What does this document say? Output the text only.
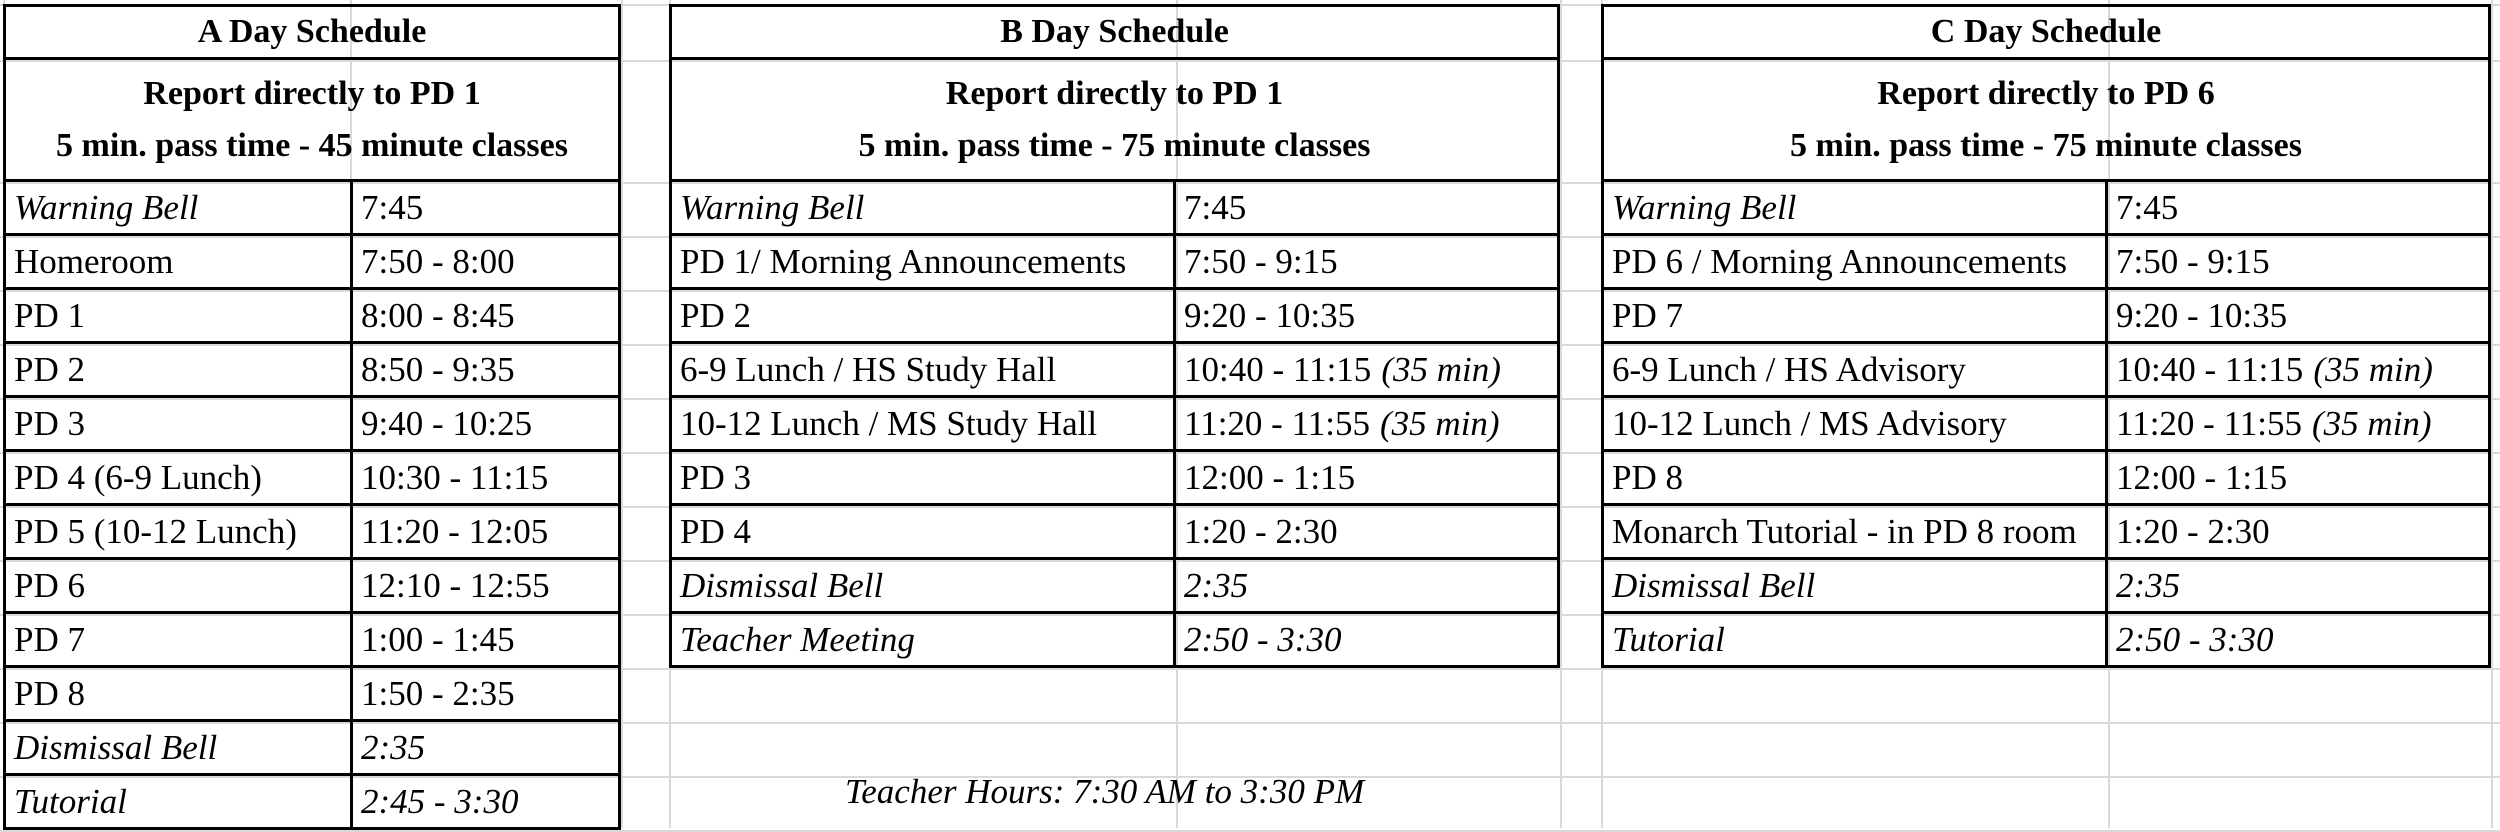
A Day Schedule
Report directly to PD 1
5 min. pass time - 45 minute classes
Warning Bell	7:45
Homeroom	7:50 - 8:00
PD 1	8:00 - 8:45
PD 2	8:50 - 9:35
PD 3	9:40 - 10:25
PD 4 (6-9 Lunch)	10:30 - 11:15
PD 5 (10-12 Lunch)	11:20 - 12:05
PD 6	12:10 - 12:55
PD 7	1:00 - 1:45
PD 8	1:50 - 2:35
Dismissal Bell	2:35
Tutorial	2:45 - 3:30
B Day Schedule
Report directly to PD 1
5 min. pass time - 75 minute classes
Warning Bell	7:45
PD 1/ Morning Announcements	7:50 - 9:15
PD 2	9:20 - 10:35
6-9 Lunch / HS Study Hall	10:40 - 11:15 (35 min)
10-12 Lunch / MS Study Hall	11:20 - 11:55 (35 min)
PD 3	12:00 - 1:15
PD 4	1:20 - 2:30
Dismissal Bell	2:35
Teacher Meeting	2:50 - 3:30
C Day Schedule
Report directly to PD 6
5 min. pass time - 75 minute classes
Warning Bell	7:45
PD 6 / Morning Announcements	7:50 - 9:15
PD 7	9:20 - 10:35
6-9 Lunch / HS Advisory	10:40 - 11:15 (35 min)
10-12 Lunch / MS Advisory	11:20 - 11:55 (35 min)
PD 8	12:00 - 1:15
Monarch Tutorial - in PD 8 room	1:20 - 2:30
Dismissal Bell	2:35
Tutorial	2:50 - 3:30
Teacher Hours: 7:30 AM to 3:30 PM
